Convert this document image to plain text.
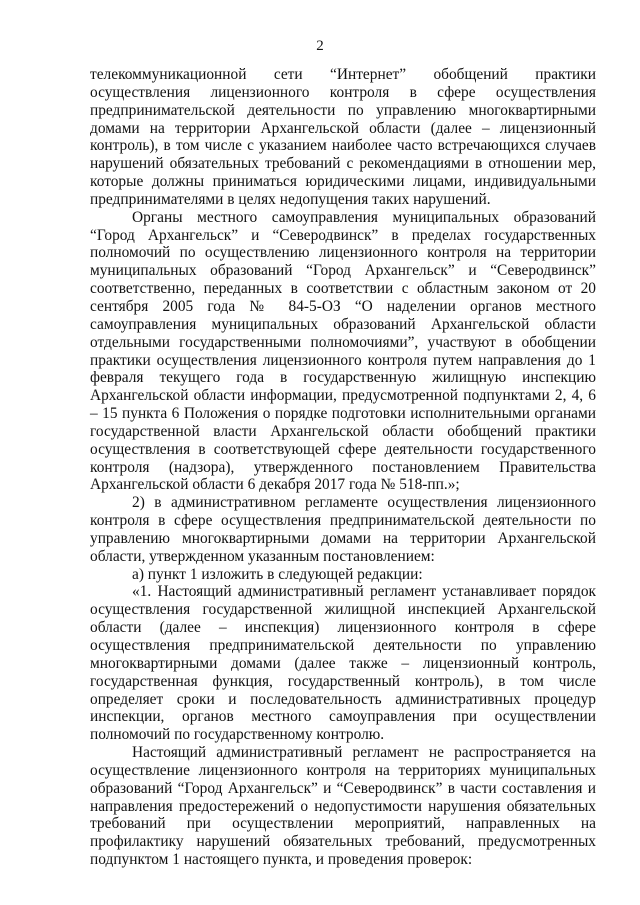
2

телекоммуникационной сети “Интернет” обобщений практики осуществления лицензионного контроля в сфере осуществления предпринимательской деятельности по управлению многоквартирными домами на территории Архангельской области (далее – лицензионный контроль), в том числе с указанием наиболее часто встречающихся случаев нарушений обязательных требований с рекомендациями в отношении мер, которые должны приниматься юридическими лицами, индивидуальными предпринимателями в целях недопущения таких нарушений.

Органы местного самоуправления муниципальных образований “Город Архангельск” и “Северодвинск” в пределах государственных полномочий по осуществлению лицензионного контроля на территории муниципальных образований “Город Архангельск” и “Северодвинск” соответственно, переданных в соответствии с областным законом от 20 сентября 2005 года № 84-5-ОЗ “О наделении органов местного самоуправления муниципальных образований Архангельской области отдельными государственными полномочиями”, участвуют в обобщении практики осуществления лицензионного контроля путем направления до 1 февраля текущего года в государственную жилищную инспекцию Архангельской области информации, предусмотренной подпунктами 2, 4, 6 – 15 пункта 6 Положения о порядке подготовки исполнительными органами государственной власти Архангельской области обобщений практики осуществления в соответствующей сфере деятельности государственного контроля (надзора), утвержденного постановлением Правительства Архангельской области 6 декабря 2017 года № 518-пп.»;

2) в административном регламенте осуществления лицензионного контроля в сфере осуществления предпринимательской деятельности по управлению многоквартирными домами на территории Архангельской области, утвержденном указанным постановлением:

а) пункт 1 изложить в следующей редакции:

«1. Настоящий административный регламент устанавливает порядок осуществления государственной жилищной инспекцией Архангельской области (далее – инспекция) лицензионного контроля в сфере осуществления предпринимательской деятельности по управлению многоквартирными домами (далее также – лицензионный контроль, государственная функция, государственный контроль), в том числе определяет сроки и последовательность административных процедур инспекции, органов местного самоуправления при осуществлении полномочий по государственному контролю.

Настоящий административный регламент не распространяется на осуществление лицензионного контроля на территориях муниципальных образований “Город Архангельск” и “Северодвинск” в части составления и направления предостережений о недопустимости нарушения обязательных требований при осуществлении мероприятий, направленных на профилактику нарушений обязательных требований, предусмотренных подпунктом 1 настоящего пункта, и проведения проверок:
